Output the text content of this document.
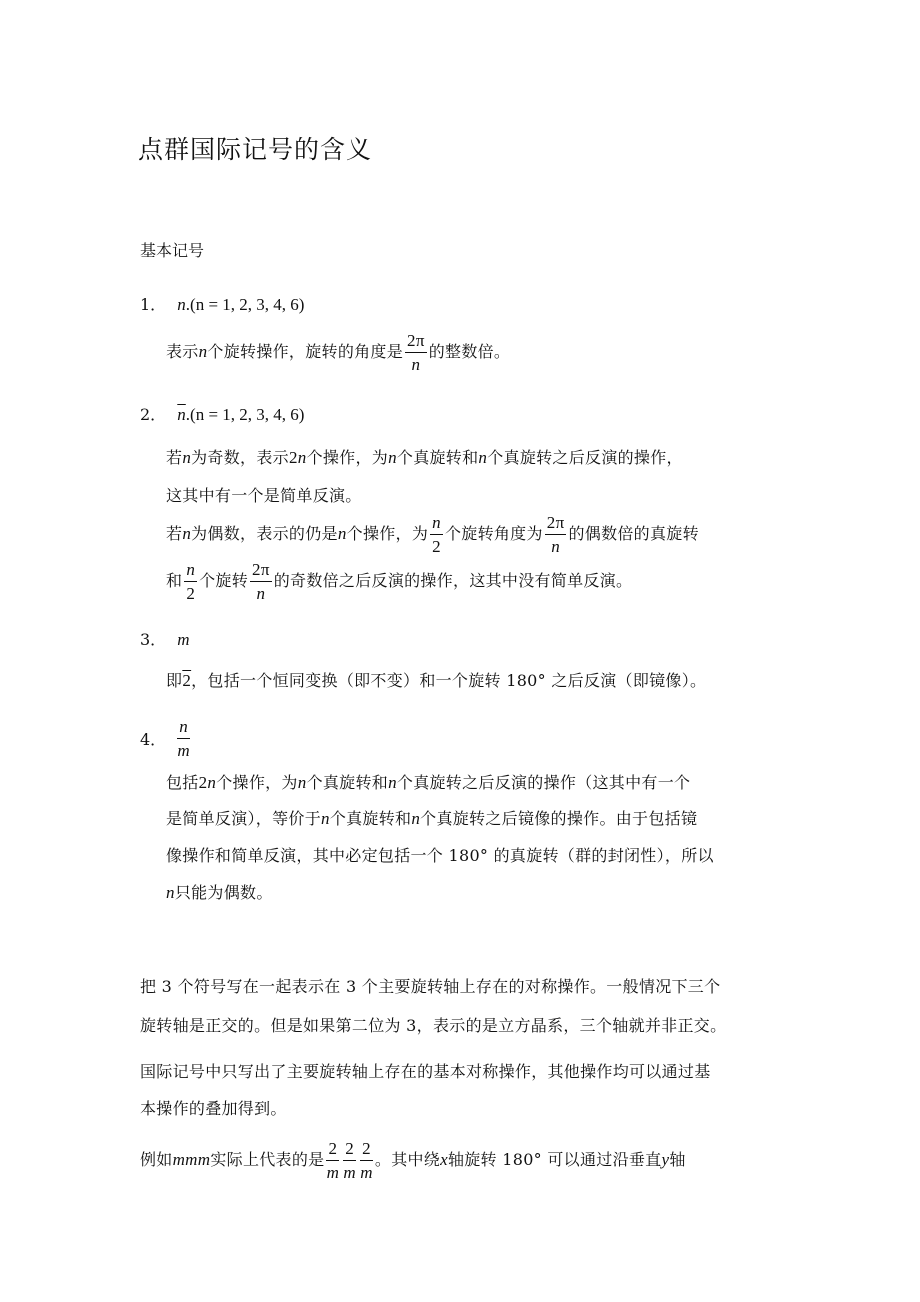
点群国际记号的含义
基本记号
1． n.(n = 1, 2, 3, 4, 6)
表示n个旋转操作，旋转的角度是 $\frac{2\pi}{n}$ 的整数倍。
2． $\overline{n}.(n = 1$, 2, 3, 4, 6)
若n为奇数，表示2n个操作，为n个真旋转和n个真旋转之后反演的操作，
这其中有一个是简单反演。
若n为偶数，表示的仍是n个操作，为 $\frac{n}{2}$ 个旋转角度为 $\frac{2\pi}{n}$ 的偶数倍的真旋转
和 $\frac{n}{2}$ 个旋转 $\frac{2\pi}{n}$ 的奇数倍之后反演的操作，这其中没有简单反演。
3． m
即2，包括一个恒同变换（即不变）和一个旋转 180° 之后反演（即镜像）。
4． $\frac{n}{m}$
包括2n个操作，为n个真旋转和n个真旋转之后反演的操作（这其中有一个
是简单反演），等价于n个真旋转和n个真旋转之后镜像的操作。由于包括镜
像操作和简单反演，其中必定包括一个 180° 的真旋转（群的封闭性），所以
n只能为偶数。
把 3 个符号写在一起表示在 3 个主要旋转轴上存在的对称操作。一般情况下三个
旋转轴是正交的。但是如果第二位为 3，表示的是立方晶系，三个轴就并非正交。
国际记号中只写出了主要旋转轴上存在的基本对称操作，其他操作均可以通过基
本操作的叠加得到。
例如mmm实际上代表的是 $\frac{2}{m} \frac{2}{m} \frac{2}{m}$ 。其中绕x轴旋转 180° 可以通过沿垂直y轴
